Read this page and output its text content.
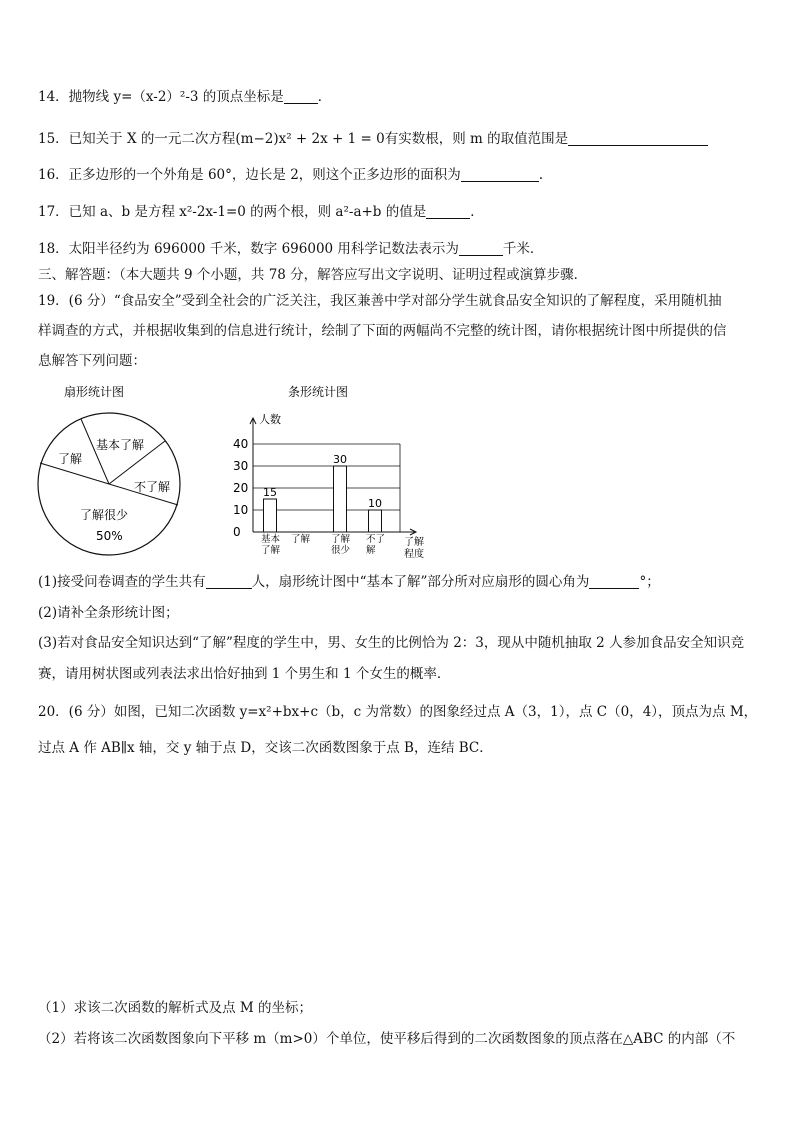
14．抛物线 y=（x-2）²-3 的顶点坐标是	．
15．已知关于 X 的一元二次方程(m−2)x² + 2x + 1 = 0有实数根，则 m 的取值范围是
16．正多边形的一个外角是 60°，边长是 2，则这个正多边形的面积为	.
17．已知 a、b 是方程 x²-2x-1=0 的两个根，则 a²-a+b 的值是	．
18．太阳半径约为 696000 千米，数字 696000 用科学记数法表示为	千米．
三、解答题：（本大题共 9 个小题，共 78 分，解答应写出文字说明、证明过程或演算步骤．
19．(6 分）“食品安全”受到全社会的广泛关注，我区兼善中学对部分学生就食品安全知识的了解程度，采用随机抽
样调查的方式，并根据收集到的信息进行统计，绘制了下面的两幅尚不完整的统计图，请你根据统计图中所提供的信
息解答下列问题：
扇形统计图
基本了解
了解
不了解
了解很少
50%
条形统计图
人数
了解程度
0
10
20
30
40
15
基本
了解
了解
30
了解
很少
10
不了
解
(1)接受问卷调查的学生共有	人，扇形统计图中“基本了解”部分所对应扇形的圆心角为	°；
(2)请补全条形统计图；
(3)若对食品安全知识达到“了解”程度的学生中，男、女生的比例恰为 2：3，现从中随机抽取 2 人参加食品安全知识竞
赛，请用树状图或列表法求出恰好抽到 1 个男生和 1 个女生的概率．
20．(6 分）如图，已知二次函数 y=x²+bx+c（b，c 为常数）的图象经过点 A（3，1），点 C（0，4），顶点为点 M，
过点 A 作 AB∥x 轴，交 y 轴于点 D，交该二次函数图象于点 B，连结 BC．
（1）求该二次函数的解析式及点 M 的坐标；
（2）若将该二次函数图象向下平移 m（m>0）个单位，使平移后得到的二次函数图象的顶点落在△ABC 的内部（不
